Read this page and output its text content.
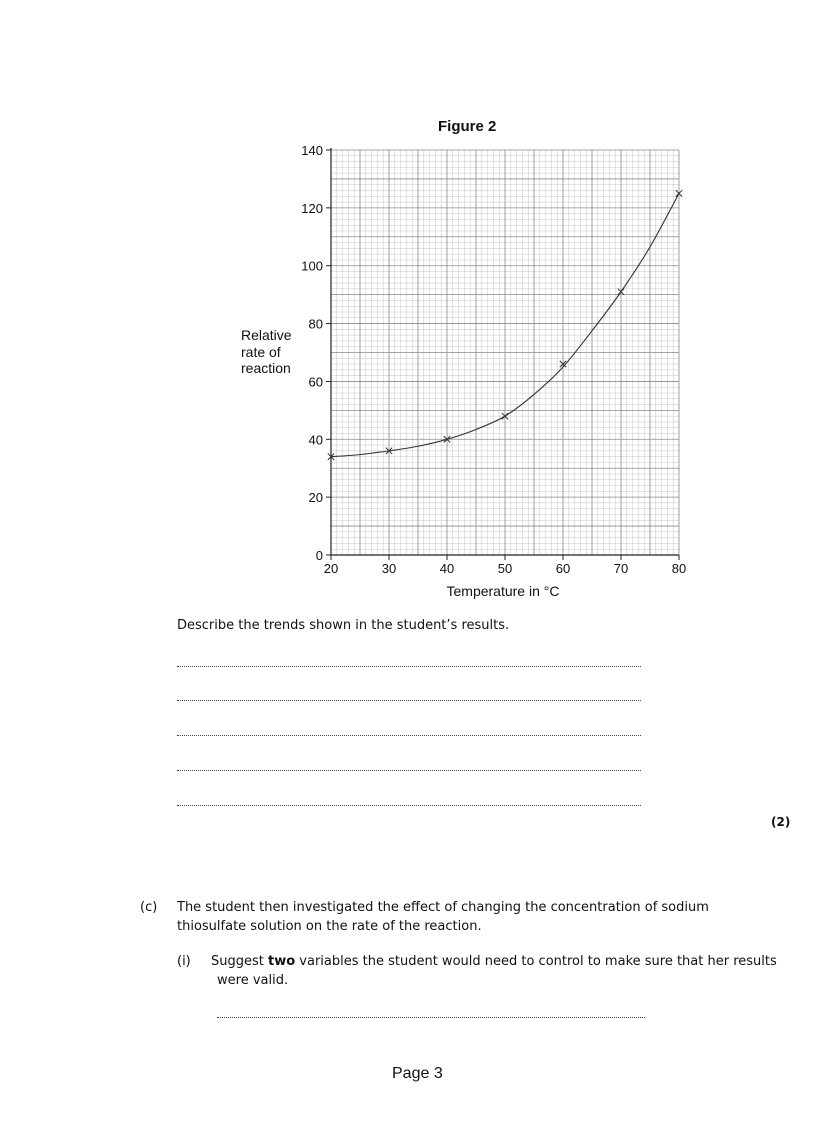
Figure 2
Relative
rate of
reaction
0
20
40
60
80
100
120
140
20	30	40	50	60	70	80
Temperature in °C
Describe the trends shown in the student’s results.
(2)
(c) The student then investigated the effect of changing the concentration of sodium
thiosulfate solution on the rate of the reaction.
(i) Suggest two variables the student would need to control to make sure that her results
were valid.
Page 3
